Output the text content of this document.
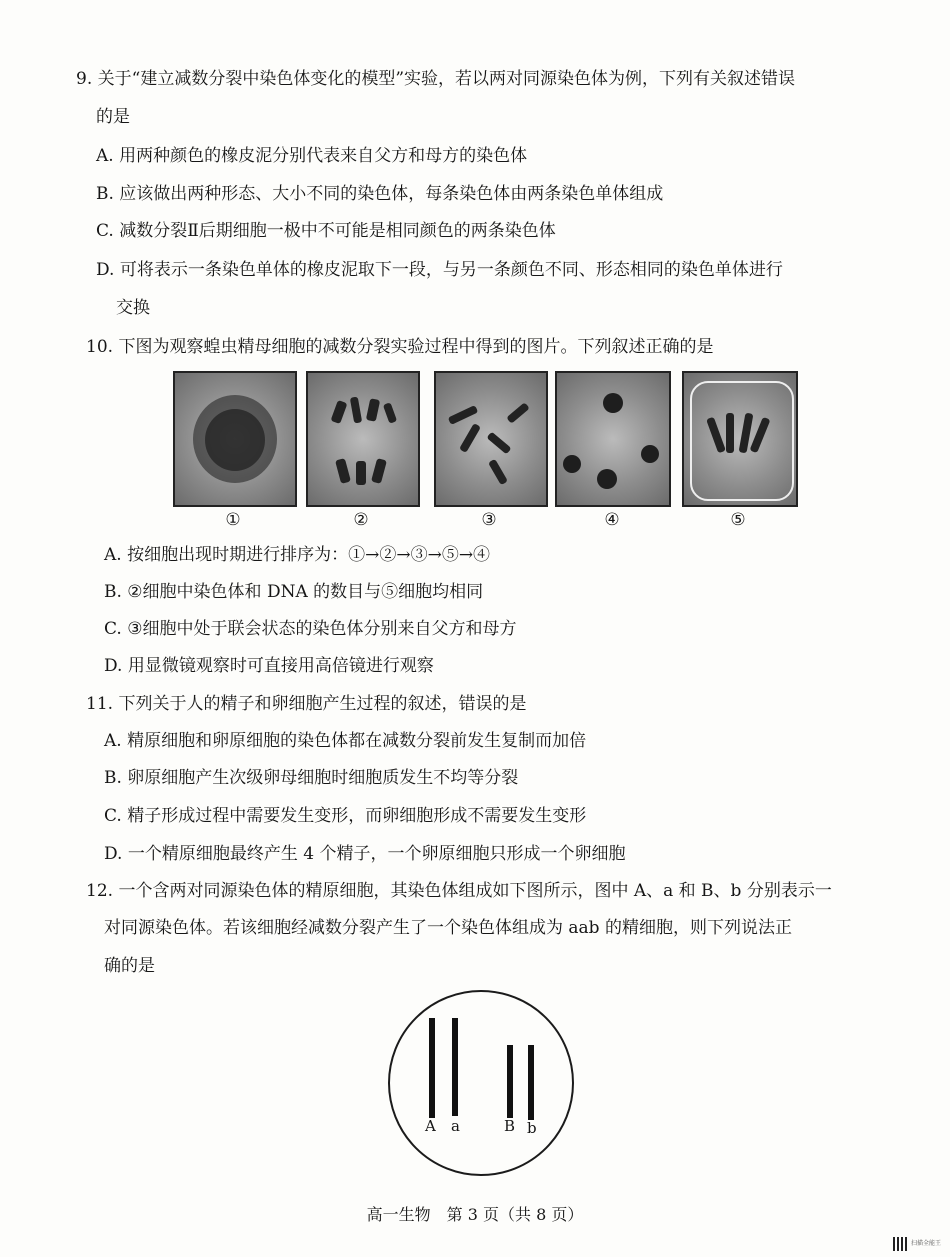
9. 关于“建立减数分裂中染色体变化的模型”实验，若以两对同源染色体为例，下列有关叙述错误
的是
A. 用两种颜色的橡皮泥分别代表来自父方和母方的染色体
B. 应该做出两种形态、大小不同的染色体，每条染色体由两条染色单体组成
C. 减数分裂Ⅱ后期细胞一极中不可能是相同颜色的两条染色体
D. 可将表示一条染色单体的橡皮泥取下一段，与另一条颜色不同、形态相同的染色单体进行
交换
10. 下图为观察蝗虫精母细胞的减数分裂实验过程中得到的图片。下列叙述正确的是
①	②	③	④	⑤
A. 按细胞出现时期进行排序为：①→②→③→⑤→④
B. ②细胞中染色体和 DNA 的数目与⑤细胞均相同
C. ③细胞中处于联会状态的染色体分别来自父方和母方
D. 用显微镜观察时可直接用高倍镜进行观察
11. 下列关于人的精子和卵细胞产生过程的叙述，错误的是
A. 精原细胞和卵原细胞的染色体都在减数分裂前发生复制而加倍
B. 卵原细胞产生次级卵母细胞时细胞质发生不均等分裂
C. 精子形成过程中需要发生变形，而卵细胞形成不需要发生变形
D. 一个精原细胞最终产生 4 个精子，一个卵原细胞只形成一个卵细胞
12. 一个含两对同源染色体的精原细胞，其染色体组成如下图所示，图中 A、a 和 B、b 分别表示一
对同源染色体。若该细胞经减数分裂产生了一个染色体组成为 aab 的精细胞，则下列说法正
确的是
A a	B b
高一生物　第 3 页（共 8 页）
扫描全能王
